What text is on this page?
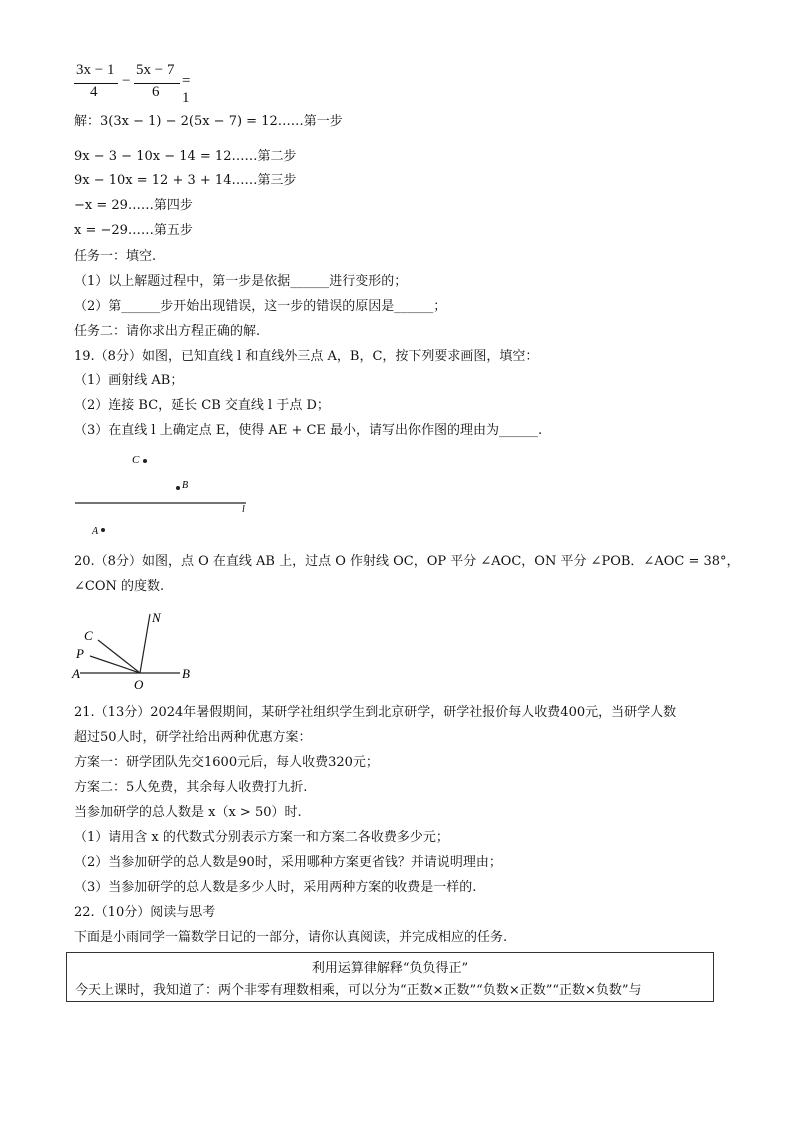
3x − 1
4
−
5x − 7
6
= 1
解：3(3x − 1) − 2(5x − 7) = 12……第一步
9x − 3 − 10x − 14 = 12……第二步
9x − 10x = 12 + 3 + 14……第三步
−x = 29……第四步
x = −29……第五步
任务一：填空.
（1）以上解题过程中，第一步是依据______进行变形的；
（2）第______步开始出现错误，这一步的错误的原因是______；
任务二：请你求出方程正确的解.
19.（8分）如图，已知直线 l 和直线外三点 A，B，C，按下列要求画图，填空：
（1）画射线 AB；
（2）连接 BC，延长 CB 交直线 l 于点 D；
（3）在直线 l 上确定点 E，使得 AE + CE 最小，请写出你作图的理由为______.
C
B
A
l
20.（8分）如图，点 O 在直线 AB 上，过点 O 作射线 OC，OP 平分 ∠AOC，ON 平分 ∠POB．∠AOC = 38°，
∠CON 的度数.
N
C
P
A
O
B
21.（13分）2024年暑假期间，某研学社组织学生到北京研学，研学社报价每人收费400元，当研学人数
超过50人时，研学社给出两种优惠方案：
方案一：研学团队先交1600元后，每人收费320元；
方案二：5人免费，其余每人收费打九折.
当参加研学的总人数是 x（x > 50）时.
（1）请用含 x 的代数式分别表示方案一和方案二各收费多少元；
（2）当参加研学的总人数是90时，采用哪种方案更省钱？并请说明理由；
（3）当参加研学的总人数是多少人时，采用两种方案的收费是一样的.
22.（10分）阅读与思考
下面是小雨同学一篇数学日记的一部分，请你认真阅读，并完成相应的任务.
利用运算律解释“负负得正”
今天上课时，我知道了：两个非零有理数相乘，可以分为“正数×正数”“负数×正数”“正数×负数”与
